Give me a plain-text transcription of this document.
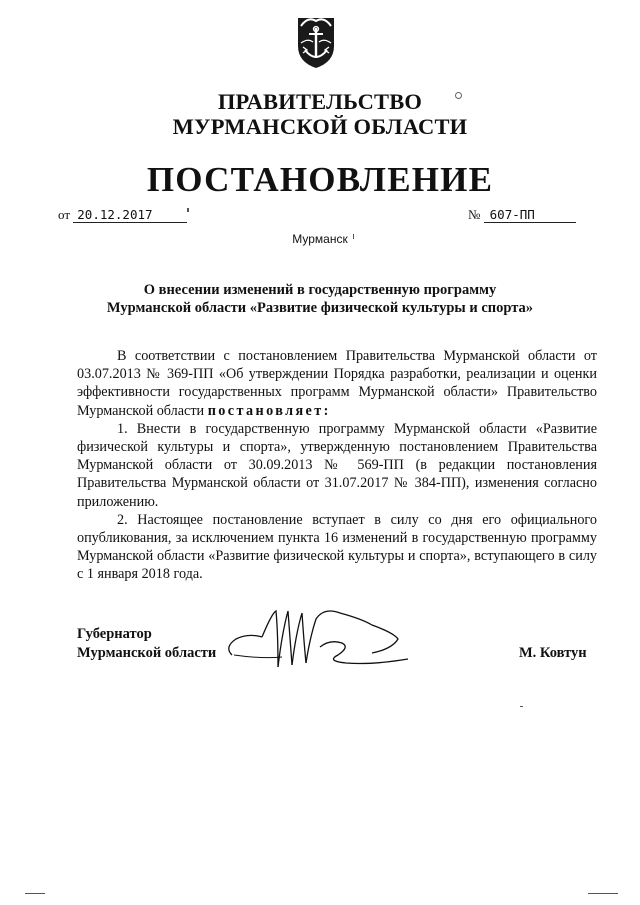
ПРАВИТЕЛЬСТВО
МУРМАНСКОЙ ОБЛАСТИ
ПОСТАНОВЛЕНИЕ
от 20.12.2017	№ 607-ПП
Мурманск
О внесении изменений в государственную программу
Мурманской области «Развитие физической культуры и спорта»

В соответствии с постановлением Правительства Мурманской области от 03.07.2013 № 369-ПП «Об утверждении Порядка разработки, реализации и оценки эффективности государственных программ Мурманской области» Правительство Мурманской области постановляет:

1. Внести в государственную программу Мурманской области «Развитие физической культуры и спорта», утвержденную постановлением Правительства Мурманской области от 30.09.2013 № 569-ПП (в редакции постановления Правительства Мурманской области от 31.07.2017 № 384-ПП), изменения согласно приложению.

2. Настоящее постановление вступает в силу со дня его официального опубликования, за исключением пункта 16 изменений в государственную программу Мурманской области «Развитие физической культуры и спорта», вступающего в силу с 1 января 2018 года.

Губернатор
Мурманской области	М. Ковтун
